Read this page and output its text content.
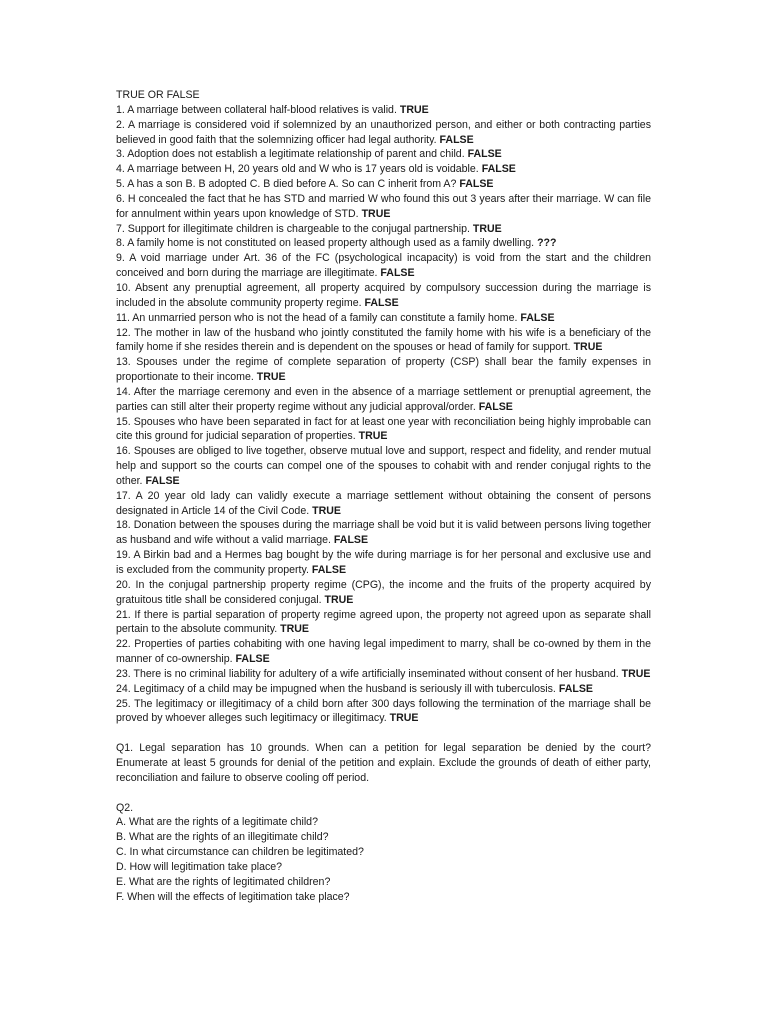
TRUE OR FALSE

1. A marriage between collateral half-blood relatives is valid. TRUE

2. A marriage is considered void if solemnized by an unauthorized person, and either or both contracting parties believed in good faith that the solemnizing officer had legal authority. FALSE

3. Adoption does not establish a legitimate relationship of parent and child. FALSE

4. A marriage between H, 20 years old and W who is 17 years old is voidable. FALSE

5. A has a son B. B adopted C. B died before A. So can C inherit from A? FALSE

6. H concealed the fact that he has STD and married W who found this out 3 years after their marriage. W can file for annulment within years upon knowledge of STD. TRUE

7. Support for illegitimate children is chargeable to the conjugal partnership. TRUE

8. A family home is not constituted on leased property although used as a family dwelling. ???

9. A void marriage under Art. 36 of the FC (psychological incapacity) is void from the start and the children conceived and born during the marriage are illegitimate. FALSE

10. Absent any prenuptial agreement, all property acquired by compulsory succession during the marriage is included in the absolute community property regime. FALSE

11. An unmarried person who is not the head of a family can constitute a family home. FALSE

12. The mother in law of the husband who jointly constituted the family home with his wife is a beneficiary of the family home if she resides therein and is dependent on the spouses or head of family for support. TRUE

13. Spouses under the regime of complete separation of property (CSP) shall bear the family expenses in proportionate to their income. TRUE

14. After the marriage ceremony and even in the absence of a marriage settlement or prenuptial agreement, the parties can still alter their property regime without any judicial approval/order. FALSE

15. Spouses who have been separated in fact for at least one year with reconciliation being highly improbable can cite this ground for judicial separation of properties. TRUE

16. Spouses are obliged to live together, observe mutual love and support, respect and fidelity, and render mutual help and support so the courts can compel one of the spouses to cohabit with and render conjugal rights to the other. FALSE

17. A 20 year old lady can validly execute a marriage settlement without obtaining the consent of persons designated in Article 14 of the Civil Code. TRUE

18. Donation between the spouses during the marriage shall be void but it is valid between persons living together as husband and wife without a valid marriage. FALSE

19. A Birkin bad and a Hermes bag bought by the wife during marriage is for her personal and exclusive use and is excluded from the community property. FALSE

20. In the conjugal partnership property regime (CPG), the income and the fruits of the property acquired by gratuitous title shall be considered conjugal. TRUE

21. If there is partial separation of property regime agreed upon, the property not agreed upon as separate shall pertain to the absolute community. TRUE

22. Properties of parties cohabiting with one having legal impediment to marry, shall be co-owned by them in the manner of co-ownership. FALSE

23. There is no criminal liability for adultery of a wife artificially inseminated without consent of her husband. TRUE

24. Legitimacy of a child may be impugned when the husband is seriously ill with tuberculosis. FALSE

25. The legitimacy or illegitimacy of a child born after 300 days following the termination of the marriage shall be proved by whoever alleges such legitimacy or illegitimacy. TRUE

Q1. Legal separation has 10 grounds. When can a petition for legal separation be denied by the court? Enumerate at least 5 grounds for denial of the petition and explain. Exclude the grounds of death of either party, reconciliation and failure to observe cooling off period.

Q2.

A. What are the rights of a legitimate child?

B. What are the rights of an illegitimate child?

C. In what circumstance can children be legitimated?

D. How will legitimation take place?

E. What are the rights of legitimated children?

F. When will the effects of legitimation take place?
